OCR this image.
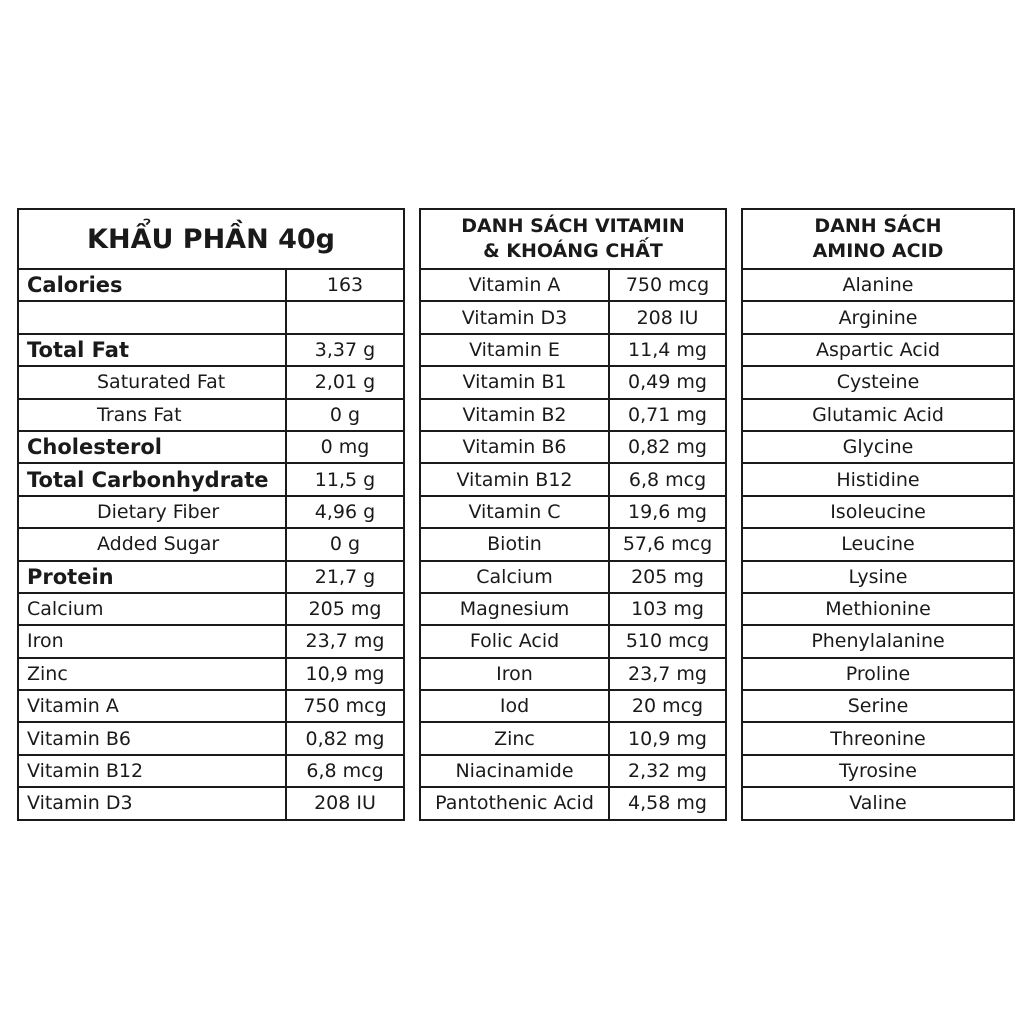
KHẨU PHẦN 40g	
Calories	163

Total Fat	3,37 g
Saturated Fat	2,01 g
Trans Fat	0 g
Cholesterol	0 mg
Total Carbonhydrate	11,5 g
Dietary Fiber	4,96 g
Added Sugar	0 g
Protein	21,7 g
Calcium	205 mg
Iron	23,7 mg
Zinc	10,9 mg
Vitamin A	750 mcg
Vitamin B6	0,82 mg
Vitamin B12	6,8 mcg
Vitamin D3	208 IU
DANH SÁCH VITAMIN
& KHOÁNG CHẤT	

Vitamin A	750 mcg
Vitamin D3	208 IU
Vitamin E	11,4 mg
Vitamin B1	0,49 mg
Vitamin B2	0,71 mg
Vitamin B6	0,82 mg
Vitamin B12	6,8 mcg
Vitamin C	19,6 mg
Biotin	57,6 mcg
Calcium	205 mg
Magnesium	103 mg
Folic Acid	510 mcg
Iron	23,7 mg
Iod	20 mcg
Zinc	10,9 mg
Niacinamide	2,32 mg
Pantothenic Acid	4,58 mg
DANH SÁCH
AMINO ACID

Alanine
Arginine
Aspartic Acid
Cysteine
Glutamic Acid
Glycine
Histidine
Isoleucine
Leucine
Lysine
Methionine
Phenylalanine
Proline
Serine
Threonine
Tyrosine
Valine
